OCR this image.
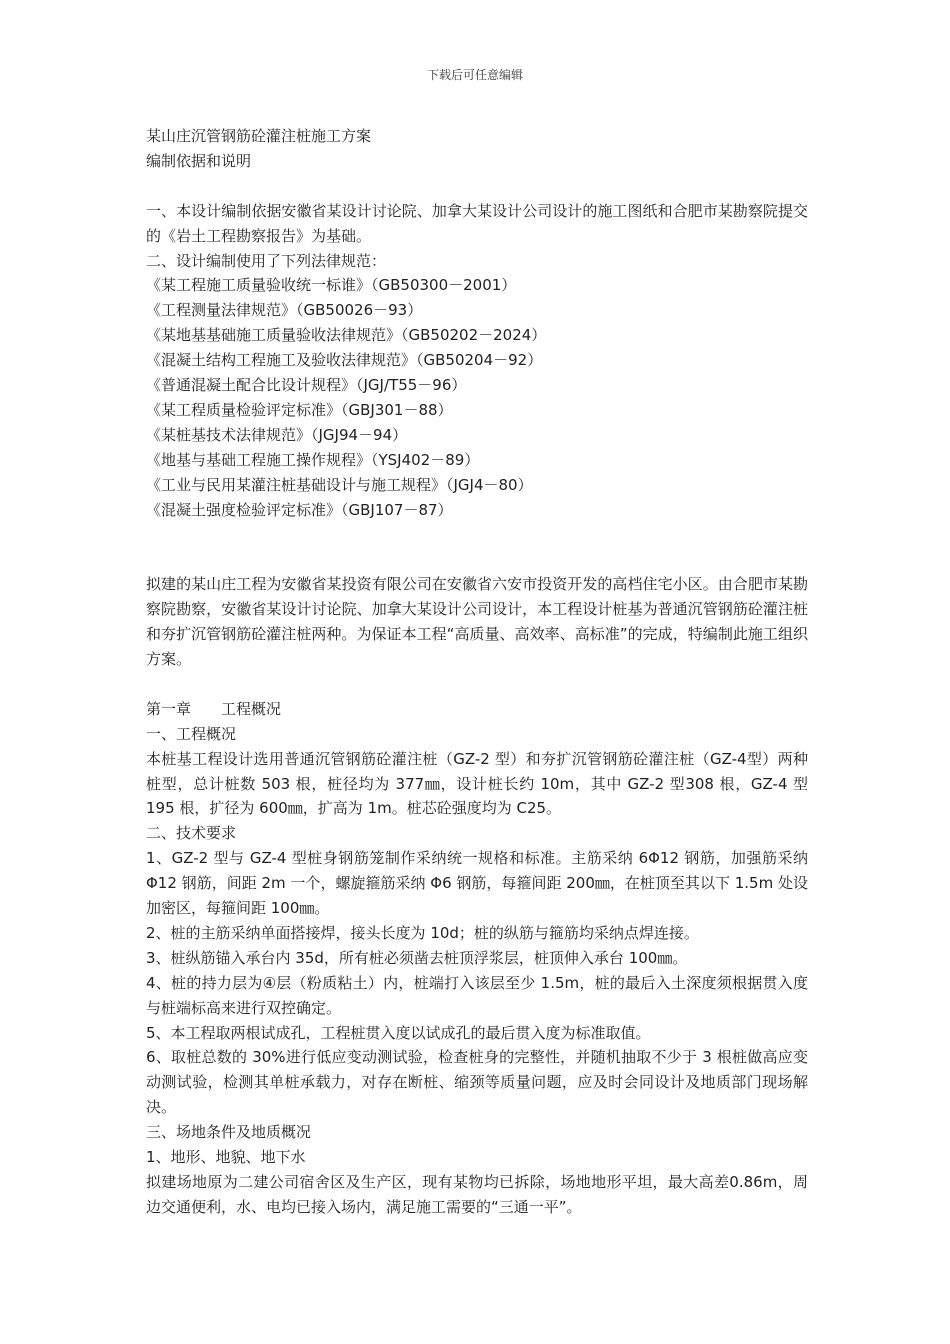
下载后可任意编辑
某山庄沉管钢筋砼灌注桩施工方案
编制依据和说明
一、本设计编制依据安徽省某设计讨论院、加拿大某设计公司设计的施工图纸和合肥市某勘察院提交的《岩土工程勘察报告》为基础。
二、设计编制使用了下列法律规范：
《某工程施工质量验收统一标谁》（GB50300－2001）
《工程测量法律规范》（GB50026－93）
《某地基基础施工质量验收法律规范》（GB50202－2024）
《混凝土结构工程施工及验收法律规范》（GB50204－92）
《普通混凝土配合比设计规程》（JGJ/T55－96）
《某工程质量检验评定标准》（GBJ301－88）
《某桩基技术法律规范》（JGJ94－94）
《地基与基础工程施工操作规程》（YSJ402－89）
《工业与民用某灌注桩基础设计与施工规程》（JGJ4－80）
《混凝土强度检验评定标准》（GBJ107－87）
拟建的某山庄工程为安徽省某投资有限公司在安徽省六安市投资开发的高档住宅小区。由合肥市某勘察院勘察，安徽省某设计讨论院、加拿大某设计公司设计，本工程设计桩基为普通沉管钢筋砼灌注桩和夯扩沉管钢筋砼灌注桩两种。为保证本工程“高质量、高效率、高标准”的完成，特编制此施工组织方案。
第一章　　工程概况
一、工程概况
本桩基工程设计选用普通沉管钢筋砼灌注桩（GZ-2 型）和夯扩沉管钢筋砼灌注桩（GZ-4型）两种桩型，总计桩数 503 根，桩径均为 377㎜，设计桩长约 10m，其中 GZ-2 型308 根，GZ-4 型 195 根，扩径为 600㎜，扩高为 1m。桩芯砼强度均为 C25。
二、技术要求
1、GZ-2 型与 GZ-4 型桩身钢筋笼制作采纳统一规格和标准。主筋采纳 6Φ12 钢筋，加强筋采纳 Φ12 钢筋，间距 2m 一个，螺旋箍筋采纳 Φ6 钢筋，每箍间距 200㎜，在桩顶至其以下 1.5m 处设加密区，每箍间距 100㎜。
2、桩的主筋采纳单面搭接焊，接头长度为 10d；桩的纵筋与箍筋均采纳点焊连接。
3、桩纵筋锚入承台内 35d，所有桩必须凿去桩顶浮浆层，桩顶伸入承台 100㎜。
4、桩的持力层为④层（粉质粘土）内，桩端打入该层至少 1.5m，桩的最后入土深度须根据贯入度与桩端标高来进行双控确定。
5、本工程取两根试成孔，工程桩贯入度以试成孔的最后贯入度为标准取值。
6、取桩总数的 30%进行低应变动测试验，检查桩身的完整性，并随机抽取不少于 3 根桩做高应变动测试验，检测其单桩承载力，对存在断桩、缩颈等质量问题，应及时会同设计及地质部门现场解决。
三、场地条件及地质概况
1、地形、地貌、地下水
拟建场地原为二建公司宿舍区及生产区，现有某物均已拆除，场地地形平坦，最大高差0.86m，周边交通便利，水、电均已接入场内，满足施工需要的“三通一平”。
